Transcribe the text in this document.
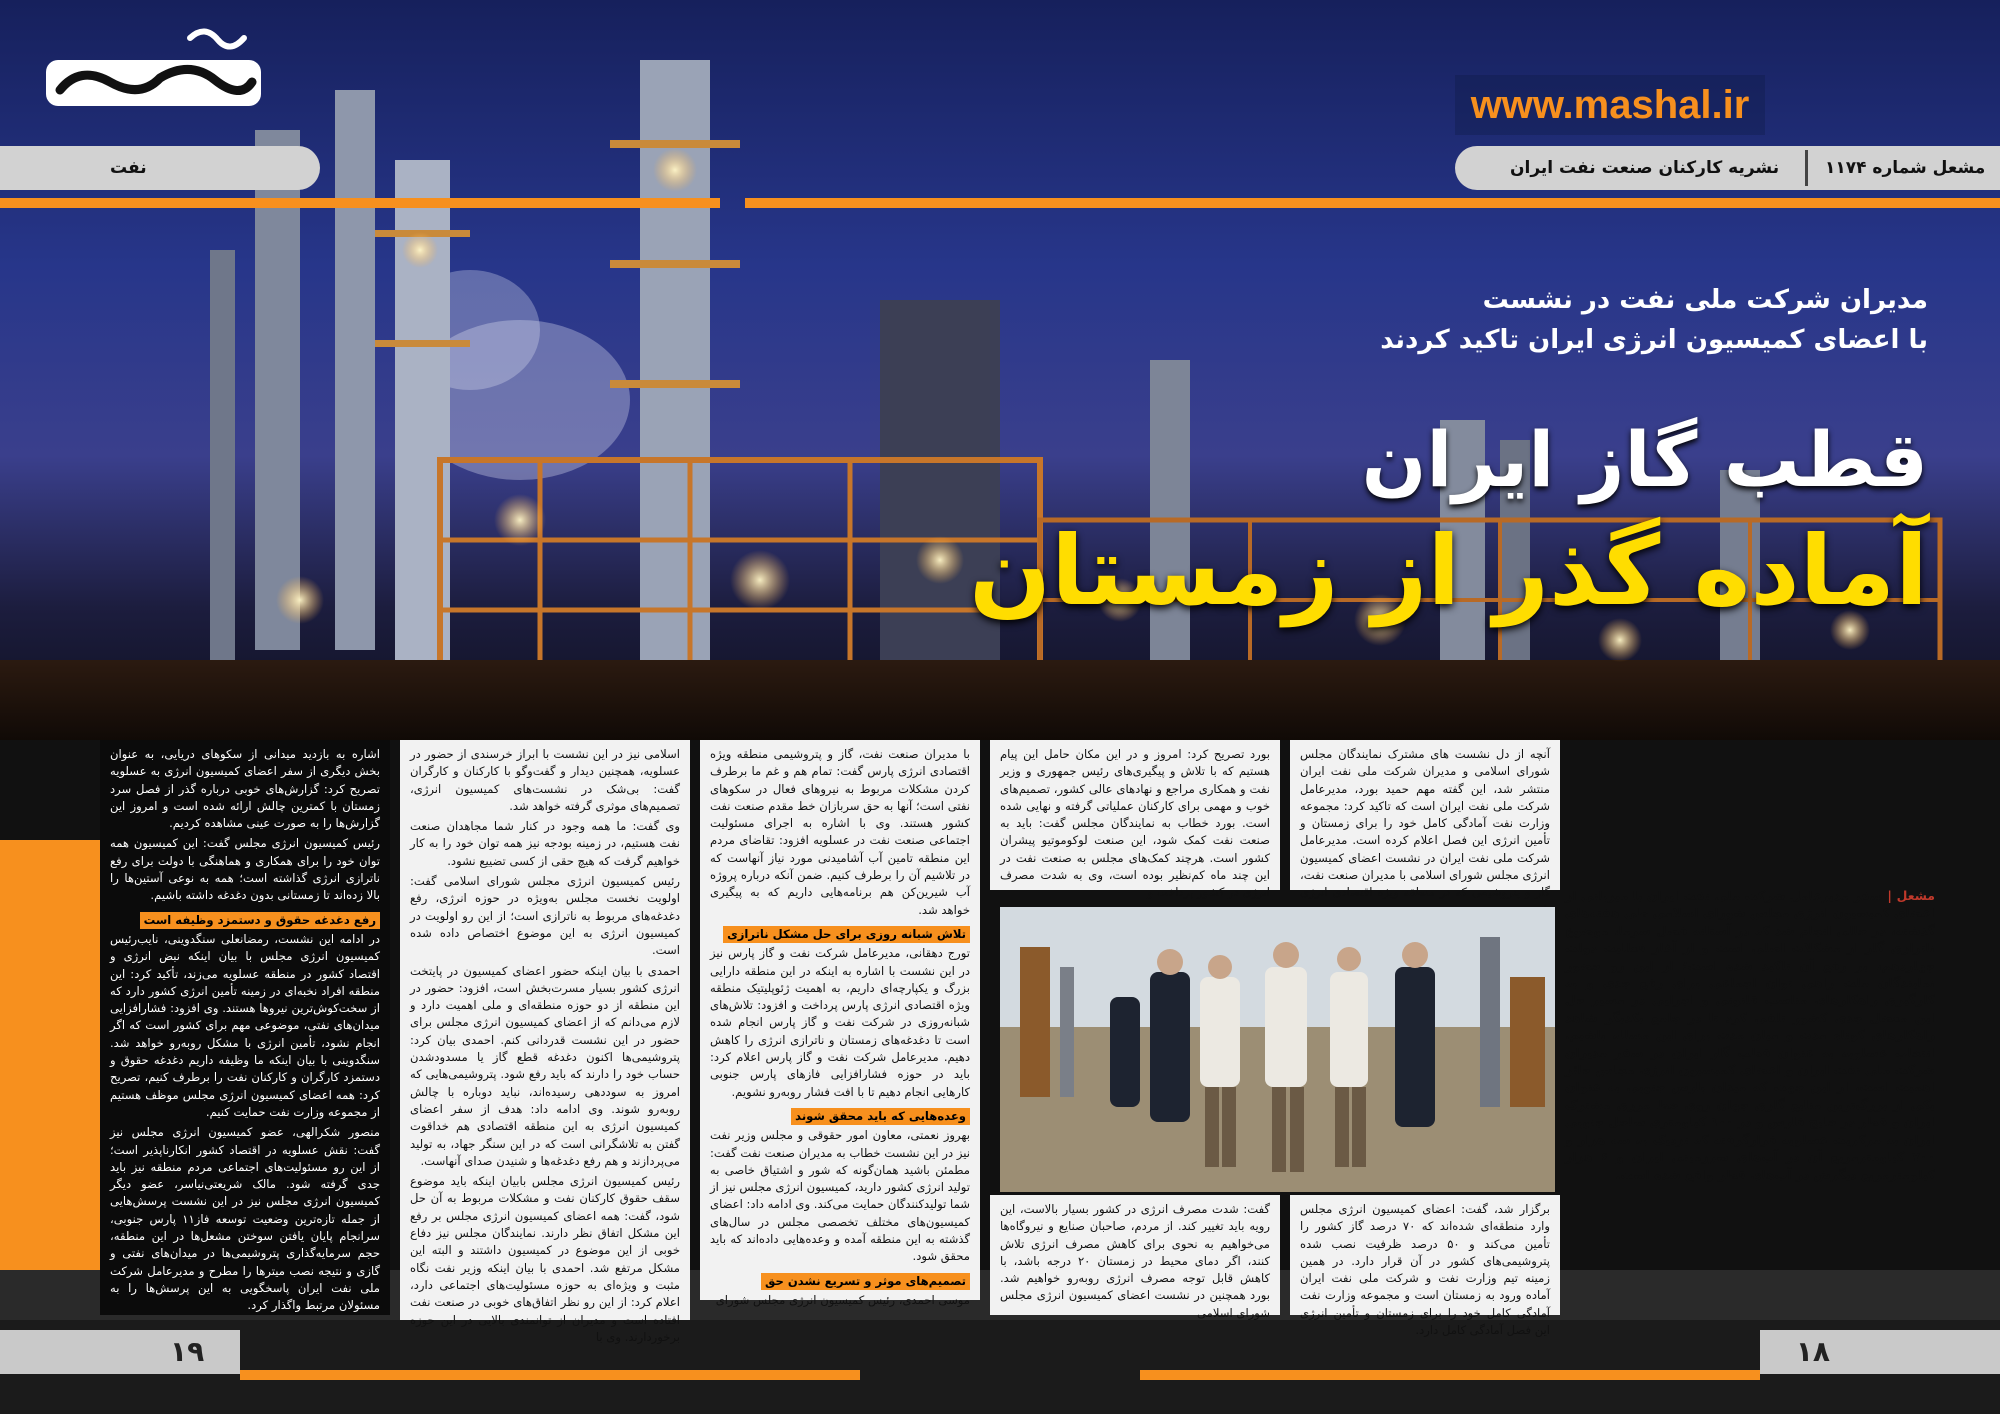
www.mashal.ir
نفت	نشریه کارکنان صنعت نفت ایران	مشعل شماره ۱۱۷۴
مدیران شرکت ملی نفت در نشست
با اعضای کمیسیون انرژی ایران تاکید کردند
قطب گاز ایران
آماده گذر از زمستان

آنچه از دل نشست های مشترک نمایندگان مجلس شورای اسلامی و مدیران شرکت ملی نفت ایران منتشر شد، این گفته مهم حمید بورد، مدیرعامل شرکت ملی نفت ایران است که تاکید کرد: مجموعه وزارت نفت آمادگی کامل خود را برای زمستان و تأمین انرژی این فصل اعلام کرده است. مدیرعامل شرکت ملی نفت ایران در نشست اعضای کمیسیون انرژی مجلس شورای اسلامی با مدیران صنعت نفت، گاز و پتروشیمی که در منطقه ویژه اقتصادی انرژی

برگزار شد، گفت: اعضای کمیسیون انرژی مجلس وارد منطقه‌ای شده‌اند که ۷۰ درصد گاز کشور را تأمین می‌کند و ۵۰ درصد ظرفیت نصب شده پتروشیمی‌های کشور در آن قرار دارد. در همین زمینه تیم وزارت نفت و شرکت ملی نفت ایران آماده ورود به زمستان است و مجموعه وزارت نفت آمادگی کامل خود را برای زمستان و تأمین انرژی این فصل آمادگی کامل دارد.

بورد تصریح کرد: امروز و در این مکان حامل این پیام هستیم که با تلاش و پیگیری‌های رئیس جمهوری و وزیر نفت و همکاری مراجع و نهادهای عالی کشور، تصمیم‌های خوب و مهمی برای کارکنان عملیاتی گرفته و نهایی شده است. بورد خطاب به نمایندگان مجلس گفت: باید به صنعت نفت کمک شود، این صنعت لوکوموتیو پیشران کشور است. هرچند کمک‌های مجلس به صنعت نفت در این چند ماه کم‌نظیر بوده است، وی به شدت مصرف انرژی در کشور پرداخت و

گفت: شدت مصرف انرژی در کشور بسیار بالاست، این رویه باید تغییر کند. از مردم، صاحبان صنایع و نیروگاه‌ها می‌خواهیم به نحوی برای کاهش مصرف انرژی تلاش کنند، اگر دمای محیط در زمستان ۲۰ درجه باشد، با کاهش قابل توجه مصرف انرژی روبه‌رو خواهیم شد. بورد همچنین در نشست اعضای کمیسیون انرژی مجلس شورای اسلامی

مشعل | سفر مدیرعامل شرکت ملی نفت ایران با میزبانی از اعضای کمیسیون انرژی مجلس شورای اسلامی طی هفته‌های گذشته، در حالی انجام شد که در آستانه فصل سرما، موضوع ناترازی گاز از مشکلات اصلی است و از آغاز فعالیت دولت چهاردهم، بر رفع آن تاکید شده است؛ از این رو حضور نمایندگان ملت راهی توان اجماعی برای رفع جدی و به کارگیری راهکارهای مناسب قانونی و اجرایی در مسیر حل این معضل جدی کشور تلقی کرد تا در جامع یکدیگر شاهد راهکارهای کوتاه مدت و میان مدت برای این مساله باشیم. انتخاب عسلویه به عنوان قطب گاز ایران در سفر مدیران شرکت ملی نفت ایران و اعضای کمیسیون انرژی مجلس حائز اهمیت است، از این جهت که میدان پارس جنوبی به عنوان یکی از بزرگ‌ترین منابع گازی جهان روی خط مرزی مشترک ایران و قطر در خلیج فارس و در ۱۰۰ کیلومتری ساحل جنوبی ایران به مرکزیت عسلویه قرارگرفته که نزدیک به سه هزار و ۷۰۰ کیلومترمربع آن در آب‌های سرزمینی ایران و ۶ هزار کیلومترمربع دیگرش در آب‌های قطر واقع شده است.

با مدیران صنعت نفت، گاز و پتروشیمی منطقه ویژه اقتصادی انرژی پارس گفت: تمام هم و غم ما برطرف کردن مشکلات مربوط به نیروهای فعال در سکوهای نفتی است؛ آنها به حق سربازان خط مقدم صنعت نفت کشور هستند. وی با اشاره به اجرای مسئولیت اجتماعی صنعت نفت در عسلویه افزود: تقاضای مردم این منطقه تامین آب آشامیدنی مورد نیاز آنهاست که در تلاشیم آن را برطرف کنیم. ضمن آنکه درباره پروژه آب شیرین‌کن هم برنامه‌هایی داریم که به پیگیری خواهد شد.

تلاش شبانه روزی برای حل مشکل ناترازی

تورج دهقانی، مدیرعامل شرکت نفت و گاز پارس نیز در این نشست با اشاره به اینکه در این منطقه دارایی بزرگ و یکپارچه‌ای داریم، به اهمیت ژئوپلیتیک منطقه ویژه اقتصادی انرژی پارس پرداخت و افزود: تلاش‌های شبانه‌روزی در شرکت نفت و گاز پارس انجام شده است تا دغدغه‌های زمستان و ناترازی انرژی را کاهش دهیم. مدیرعامل شرکت نفت و گاز پارس اعلام کرد: باید در حوزه فشارافزایی فازهای پارس جنوبی کارهایی انجام دهیم تا با افت فشار روبه‌رو نشویم.

وعده‌هایی که باید محقق شوند

بهروز نعمتی، معاون امور حقوقی و مجلس وزیر نفت نیز در این نشست خطاب به مدیران صنعت نفت گفت: مطمئن باشید همان‌گونه که شور و اشتیاق خاصی به تولید انرژی کشور دارید، کمیسیون انرژی مجلس نیز از شما تولیدکنندگان حمایت می‌کند. وی ادامه داد: اعضای کمیسیون‌های مختلف تخصصی مجلس در سال‌های گذشته به این منطقه آمده و وعده‌هایی داده‌اند که باید محقق شود.

تصمیم‌های موثر و تسریع نشدن حق

موسی احمدی، رئیس کمیسیون انرژی مجلس شورای

اسلامی نیز در این نشست با ابراز خرسندی از حضور در عسلویه، همچنین دیدار و گفت‌وگو با کارکنان و کارگران گفت: بی‌شک در نشست‌های کمیسیون انرژی، تصمیم‌های موثری گرفته خواهد شد.

وی گفت: ما همه وجود در کنار شما مجاهدان صنعت نفت هستیم، در زمینه بودجه نیز همه توان خود را به کار خواهیم گرفت که هیچ حقی از کسی تضییع نشود.

رئیس کمیسیون انرژی مجلس شورای اسلامی گفت: اولویت نخست مجلس به‌ویژه در حوزه انرژی، رفع دغدغه‌های مربوط به ناترازی است؛ از این رو اولویت در کمیسیون انرژی به این موضوع اختصاص داده شده است.

احمدی با بیان اینکه حضور اعضای کمیسیون در پایتخت انرژی کشور بسیار مسرت‌بخش است، افزود: حضور در این منطقه از دو حوزه منطقه‌ای و ملی اهمیت دارد و لازم می‌دانم که از اعضای کمیسیون انرژی مجلس برای حضور در این نشست قدردانی کنم. احمدی بیان کرد: پتروشیمی‌ها اکنون دغدغه قطع گاز یا مسدودشدن حساب خود را دارند که باید رفع شود. پتروشیمی‌هایی که امروز به سوددهی رسیده‌اند، نباید دوباره با چالش روبه‌رو شوند. وی ادامه داد: هدف از سفر اعضای کمیسیون انرژی به این منطقه اقتصادی هم خداقوت گفتن به تلاشگرانی است که در این سنگر جهاد، به تولید می‌پردازند و هم رفع دغدغه‌ها و شنیدن صدای آنهاست.

رئیس کمیسیون انرژی مجلس بابیان اینکه باید موضوع سقف حقوق کارکنان نفت و مشکلات مربوط به آن حل شود، گفت: همه اعضای کمیسیون انرژی مجلس بر رفع این مشکل اتفاق نظر دارند. نمایندگان مجلس نیز دفاع خوبی از این موضوع در کمیسیون داشتند و البته این مشکل مرتفع شد. احمدی با بیان اینکه وزیر نفت نگاه مثبت و ویژه‌ای به حوزه مسئولیت‌های اجتماعی دارد، اعلام کرد: از این رو نظر اتفاق‌های خوبی در صنعت نفت افتاده است و مدیران از توانمندی بالایی در این حوزه برخوردارند. وی با

اشاره به بازدید میدانی از سکوهای دریایی، به عنوان بخش دیگری از سفر اعضای کمیسیون انرژی به عسلویه تصریح کرد: گزارش‌های خوبی درباره گذر از فصل سرد زمستان با کمترین چالش ارائه شده است و امروز این گزارش‌ها را به صورت عینی مشاهده کردیم.

رئیس کمیسیون انرژی مجلس گفت: این کمیسیون همه توان خود را برای همکاری و هماهنگی با دولت برای رفع ناترازی انرژی گذاشته است؛ همه به نوعی آستین‌ها را بالا زده‌اند تا زمستانی بدون دغدغه داشته باشیم.

رفع دغدغه حقوق و دستمزد وظیفه است

در ادامه این نشست، رمضانعلی سنگدوینی، نایب‌رئیس کمیسیون انرژی مجلس با بیان اینکه نبض انرژی و اقتصاد کشور در منطقه عسلویه می‌زند، تأکید کرد: این منطقه افراد نخبه‌ای در زمینه تأمین انرژی کشور دارد که از سخت‌کوش‌ترین نیروها هستند. وی افزود: فشارافزایی میدان‌های نفتی، موضوعی مهم برای کشور است که اگر انجام نشود، تأمین انرژی با مشکل روبه‌رو خواهد شد. سنگدوینی با بیان اینکه ما وظیفه داریم دغدغه حقوق و دستمزد کارگران و کارکنان نفت را برطرف کنیم، تصریح کرد: همه اعضای کمیسیون انرژی مجلس موظف هستیم از مجموعه وزارت نفت حمایت کنیم.

منصور شکرالهی، عضو کمیسیون انرژی مجلس نیز گفت: نقش عسلویه در اقتصاد کشور انکارناپذیر است؛ از این رو مسئولیت‌های اجتماعی مردم منطقه نیز باید جدی گرفته شود. مالک شریعتی‌نیاسر، عضو دیگر کمیسیون انرژی مجلس نیز در این نشست پرسش‌هایی از جمله تازه‌ترین وضعیت توسعه فاز۱۱ پارس جنوبی، سرانجام پایان یافتن سوختن مشعل‌ها در این منطقه، حجم سرمایه‌گذاری پتروشیمی‌ها در میدان‌های نفتی و گازی و نتیجه نصب میترها را مطرح و مدیرعامل شرکت ملی نفت ایران پاسخگویی به این پرسش‌ها را به مسئولان مرتبط واگذار کرد.

۱۹	۱۸
